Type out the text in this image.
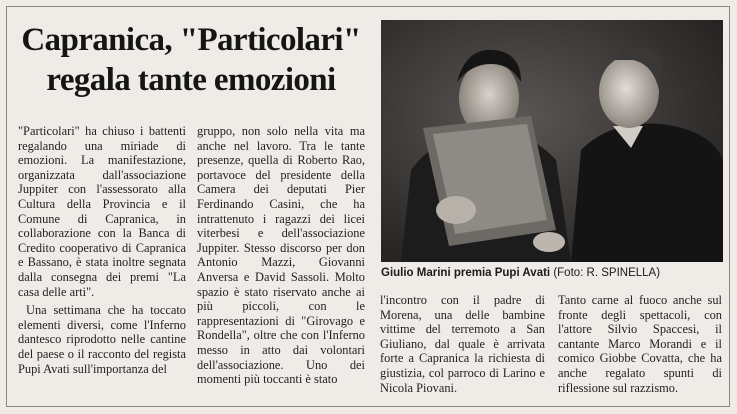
Capranica, "Particolari"
regala tante emozioni

"Particolari" ha chiuso i battenti regalando una miriade di emozioni. La manifestazione, organizzata dall'associazione Juppiter con l'assessorato alla Cultura della Provincia e il Comune di Capranica, in collaborazione con la Banca di Credito cooperativo di Capranica e Bassano, è stata inoltre segnata dalla consegna dei premi "La casa delle arti".

Una settimana che ha toccato elementi diversi, come l'Inferno dantesco riprodotto nelle cantine del paese o il racconto del regista Pupi Avati sull'importanza del

gruppo, non solo nella vita ma anche nel lavoro. Tra le tante presenze, quella di Roberto Rao, portavoce del presidente della Camera dei deputati Pier Ferdinando Casini, che ha intrattenuto i ragazzi dei licei viterbesi e dell'associazione Juppiter. Stesso discorso per don Antonio Mazzi, Giovanni Anversa e David Sassoli. Molto spazio è stato riservato anche ai più piccoli, con le rappresentazioni di "Girovago e Rondella", oltre che con l'Inferno messo in atto dai volontari dell'associazione. Uno dei momenti più toccanti è stato

Giulio Marini premia Pupi Avati (Foto: R. SPINELLA)

l'incontro con il padre di Morena, una delle bambine vittime del terremoto a San Giuliano, dal quale è arrivata forte a Capranica la richiesta di giustizia, col parroco di Larino e Nicola Piovani.

Tanto carne al fuoco anche sul fronte degli spettacoli, con l'attore Silvio Spaccesi, il cantante Marco Morandi e il comico Giobbe Covatta, che ha anche regalato spunti di riflessione sul razzismo.
